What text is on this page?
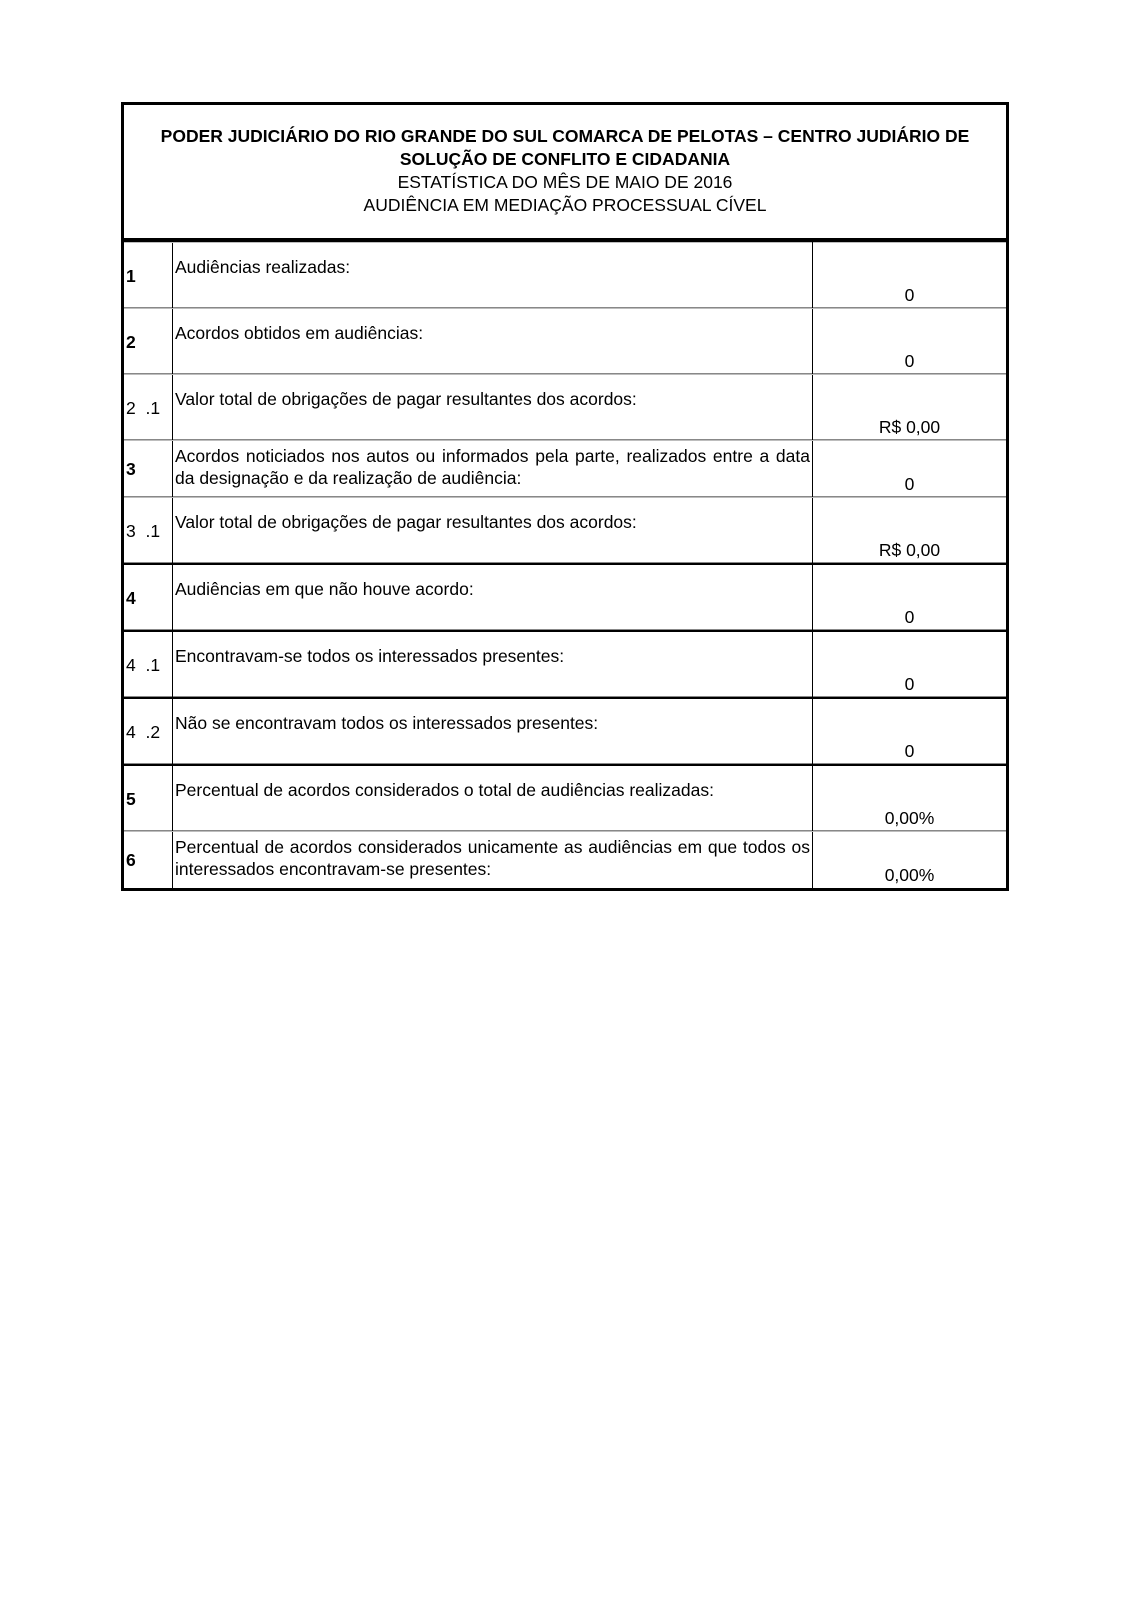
PODER JUDICIÁRIO DO RIO GRANDE DO SUL COMARCA DE PELOTAS – CENTRO JUDIÁRIO DE
SOLUÇÃO DE CONFLITO E CIDADANIA
ESTATÍSTICA DO MÊS DE MAIO DE 2016
AUDIÊNCIA EM MEDIAÇÃO PROCESSUAL CÍVEL
1	Audiências realizadas:	0
2	Acordos obtidos em audiências:	0
2  .1	Valor total de obrigações de pagar resultantes dos acordos:	R$ 0,00
3	Acordos noticiados nos autos ou informados pela parte, realizados entre a data da designação e da realização de audiência:	0
3  .1	Valor total de obrigações de pagar resultantes dos acordos:	R$ 0,00
4	Audiências em que não houve acordo:	0
4  .1	Encontravam-se todos os interessados presentes:	0
4  .2	Não se encontravam todos os interessados presentes:	0
5	Percentual de acordos considerados o total de audiências realizadas:	0,00%
6	Percentual de acordos considerados unicamente as audiências em que todos os interessados encontravam-se presentes:	0,00%
